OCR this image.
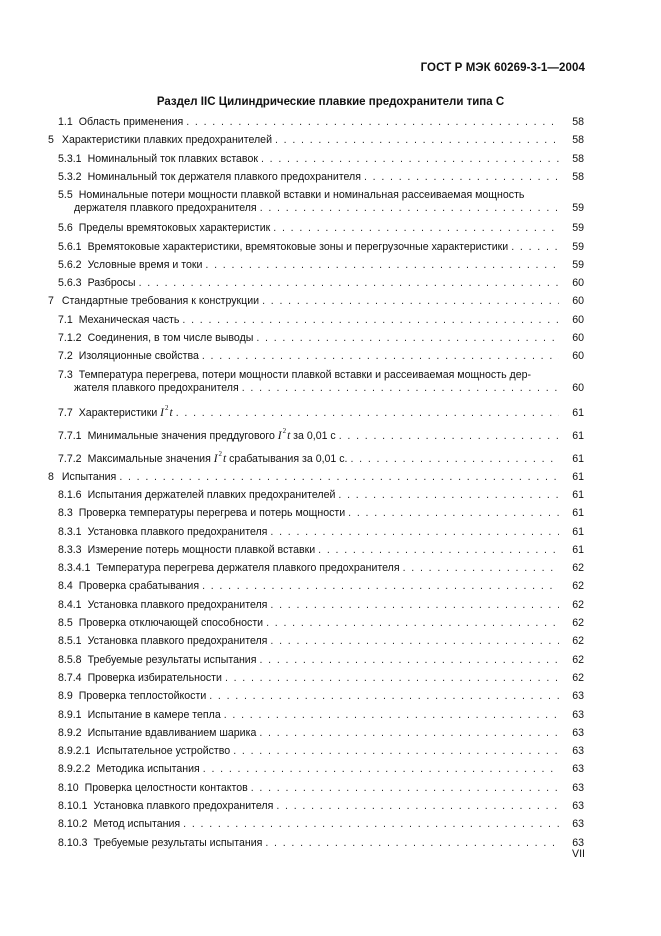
ГОСТ Р МЭК 60269-3-1—2004
Раздел IIC Цилиндрические плавкие предохранители типа С
1.1 Область применения . . .	58
5 Характеристики плавких предохранителей . . .	58
5.3.1 Номинальный ток плавких вставок . . .	58
5.3.2 Номинальный ток держателя плавкого предохранителя . . .	58
5.5 Номинальные потери мощности плавкой вставки и номинальная рассеиваемая мощность
держателя плавкого предохранителя . . .	59
5.6 Пределы времятоковых характеристик . . .	59
5.6.1 Времятоковые характеристики, времятоковые зоны и перегрузочные характеристики . . .	59
5.6.2 Условные время и токи . . .	59
5.6.3 Разбросы . . .	60
7 Стандартные требования к конструкции . . .	60
7.1 Механическая часть . . .	60
7.1.2 Соединения, в том числе выводы . . .	60
7.2 Изоляционные свойства . . .	60
7.3 Температура перегрева, потери мощности плавкой вставки и рассеиваемая мощность дер-
жателя плавкого предохранителя . . .	60
7.7 Характеристики $I^2t$ . . .	61
7.7.1 Минимальные значения преддугового $I^2t$ за 0,01 с . . .	61
7.7.2 Максимальные значения $I^2t$ срабатывания за 0,01 с. . . .	61
8 Испытания . . .	61
8.1.6 Испытания держателей плавких предохранителей . . .	61
8.3 Проверка температуры перегрева и потерь мощности . . .	61
8.3.1 Установка плавкого предохранителя . . .	61
8.3.3 Измерение потерь мощности плавкой вставки . . .	61
8.3.4.1 Температура перегрева держателя плавкого предохранителя . . .	62
8.4 Проверка срабатывания . . .	62
8.4.1 Установка плавкого предохранителя . . .	62
8.5 Проверка отключающей способности . . .	62
8.5.1 Установка плавкого предохранителя . . .	62
8.5.8 Требуемые результаты испытания . . .	62
8.7.4 Проверка избирательности . . .	62
8.9 Проверка теплостойкости . . .	63
8.9.1 Испытание в камере тепла . . .	63
8.9.2 Испытание вдавливанием шарика . . .	63
8.9.2.1 Испытательное устройство . . .	63
8.9.2.2 Методика испытания . . .	63
8.10 Проверка целостности контактов . . .	63
8.10.1 Установка плавкого предохранителя . . .	63
8.10.2 Метод испытания . . .	63
8.10.3 Требуемые результаты испытания . . .	63
VII
